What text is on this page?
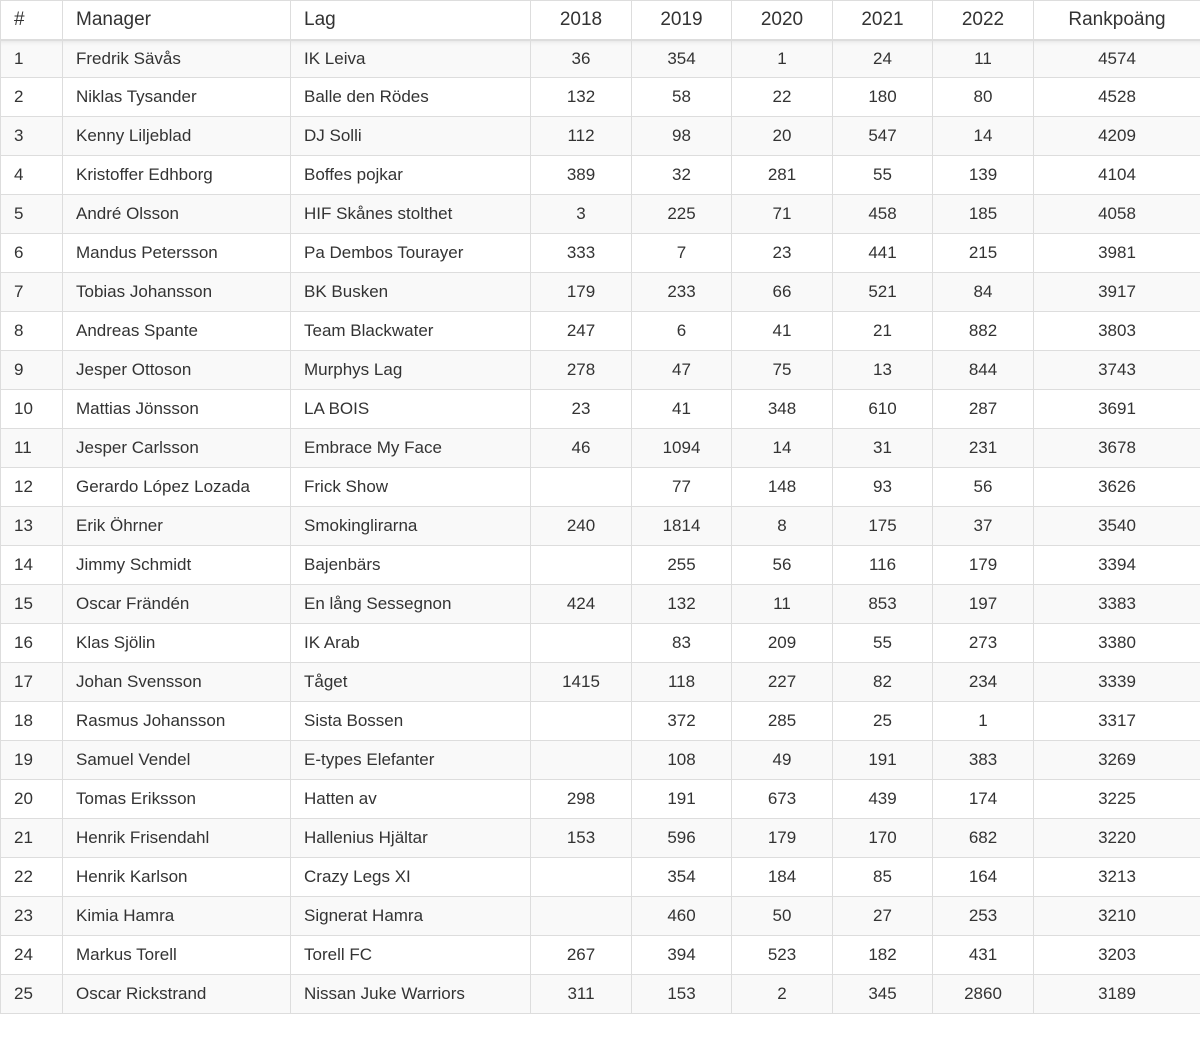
#	Manager	Lag	2018	2019	2020	2021	2022	Rankpoäng
1	Fredrik Sävås	IK Leiva	36	354	1	24	11	4574
2	Niklas Tysander	Balle den Rödes	132	58	22	180	80	4528
3	Kenny Liljeblad	DJ Solli	112	98	20	547	14	4209
4	Kristoffer Edhborg	Boffes pojkar	389	32	281	55	139	4104
5	André Olsson	HIF Skånes stolthet	3	225	71	458	185	4058
6	Mandus Petersson	Pa Dembos Tourayer	333	7	23	441	215	3981
7	Tobias Johansson	BK Busken	179	233	66	521	84	3917
8	Andreas Spante	Team Blackwater	247	6	41	21	882	3803
9	Jesper Ottoson	Murphys Lag	278	47	75	13	844	3743
10	Mattias Jönsson	LA BOIS	23	41	348	610	287	3691
11	Jesper Carlsson	Embrace My Face	46	1094	14	31	231	3678
12	Gerardo López Lozada	Frick Show		77	148	93	56	3626
13	Erik Öhrner	Smokinglirarna	240	1814	8	175	37	3540
14	Jimmy Schmidt	Bajenbärs		255	56	116	179	3394
15	Oscar Frändén	En lång Sessegnon	424	132	11	853	197	3383
16	Klas Sjölin	IK Arab		83	209	55	273	3380
17	Johan Svensson	Tåget	1415	118	227	82	234	3339
18	Rasmus Johansson	Sista Bossen		372	285	25	1	3317
19	Samuel Vendel	E-types Elefanter		108	49	191	383	3269
20	Tomas Eriksson	Hatten av	298	191	673	439	174	3225
21	Henrik Frisendahl	Hallenius Hjältar	153	596	179	170	682	3220
22	Henrik Karlson	Crazy Legs XI		354	184	85	164	3213
23	Kimia Hamra	Signerat Hamra		460	50	27	253	3210
24	Markus Torell	Torell FC	267	394	523	182	431	3203
25	Oscar Rickstrand	Nissan Juke Warriors	311	153	2	345	2860	3189
